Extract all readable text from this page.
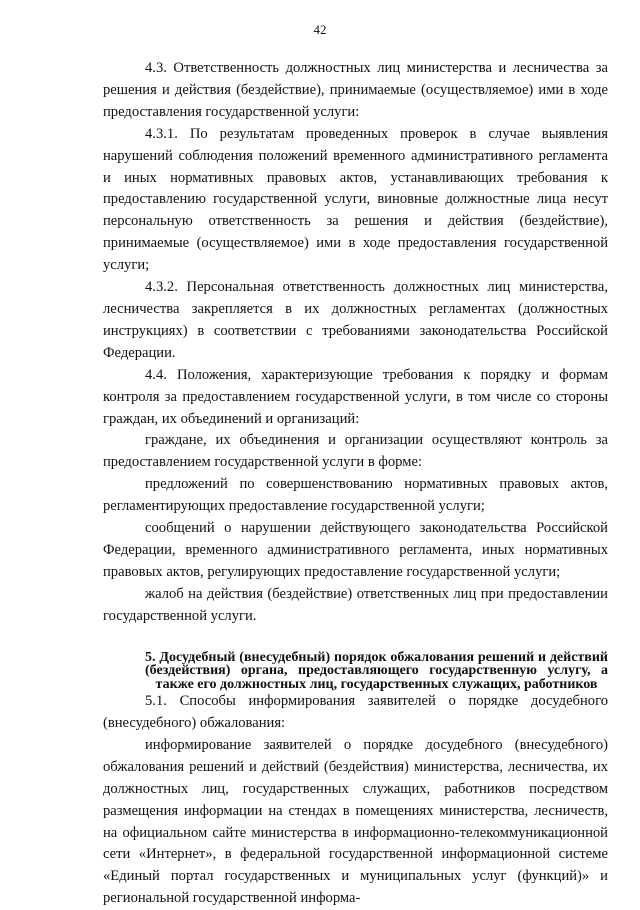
42

4.3. Ответственность должностных лиц министерства и лесничества за решения и действия (бездействие), принимаемые (осуществляемое) ими в ходе предоставления государственной услуги:

4.3.1. По результатам проведенных проверок в случае выявления нарушений соблюдения положений временного административного регламента и иных нормативных правовых актов, устанавливающих требования к предоставлению государственной услуги, виновные должностные лица несут персональную ответственность за решения и действия (бездействие), принимаемые (осуществляемое) ими в ходе предоставления государственной услуги;

4.3.2. Персональная ответственность должностных лиц министерства, лесничества закрепляется в их должностных регламентах (должностных инструкциях) в соответствии с требованиями законодательства Российской Федерации.

4.4. Положения, характеризующие требования к порядку и формам контроля за предоставлением государственной услуги, в том числе со стороны граждан, их объединений и организаций:

граждане, их объединения и организации осуществляют контроль за предоставлением государственной услуги в форме:

предложений по совершенствованию нормативных правовых актов, регламентирующих предоставление государственной услуги;

сообщений о нарушении действующего законодательства Российской Федерации, временного административного регламента, иных нормативных правовых актов, регулирующих предоставление государственной услуги;

жалоб на действия (бездействие) ответственных лиц при предоставлении государственной услуги.

5. Досудебный (внесудебный) порядок обжалования решений и действий (бездействия) органа, предоставляющего государственную услугу, а также его должностных лиц, государственных служащих, работников

5.1. Способы информирования заявителей о порядке досудебного (внесудебного) обжалования:

информирование заявителей о порядке досудебного (внесудебного) обжалования решений и действий (бездействия) министерства, лесничества, их должностных лиц, государственных служащих, работников посредством размещения информации на стендах в помещениях министерства, лесничеств, на официальном сайте министерства в информационно-телекоммуникационной сети «Интернет», в федеральной государственной информационной системе «Единый портал государственных и муниципальных услуг (функций)» и региональной государственной информа-
